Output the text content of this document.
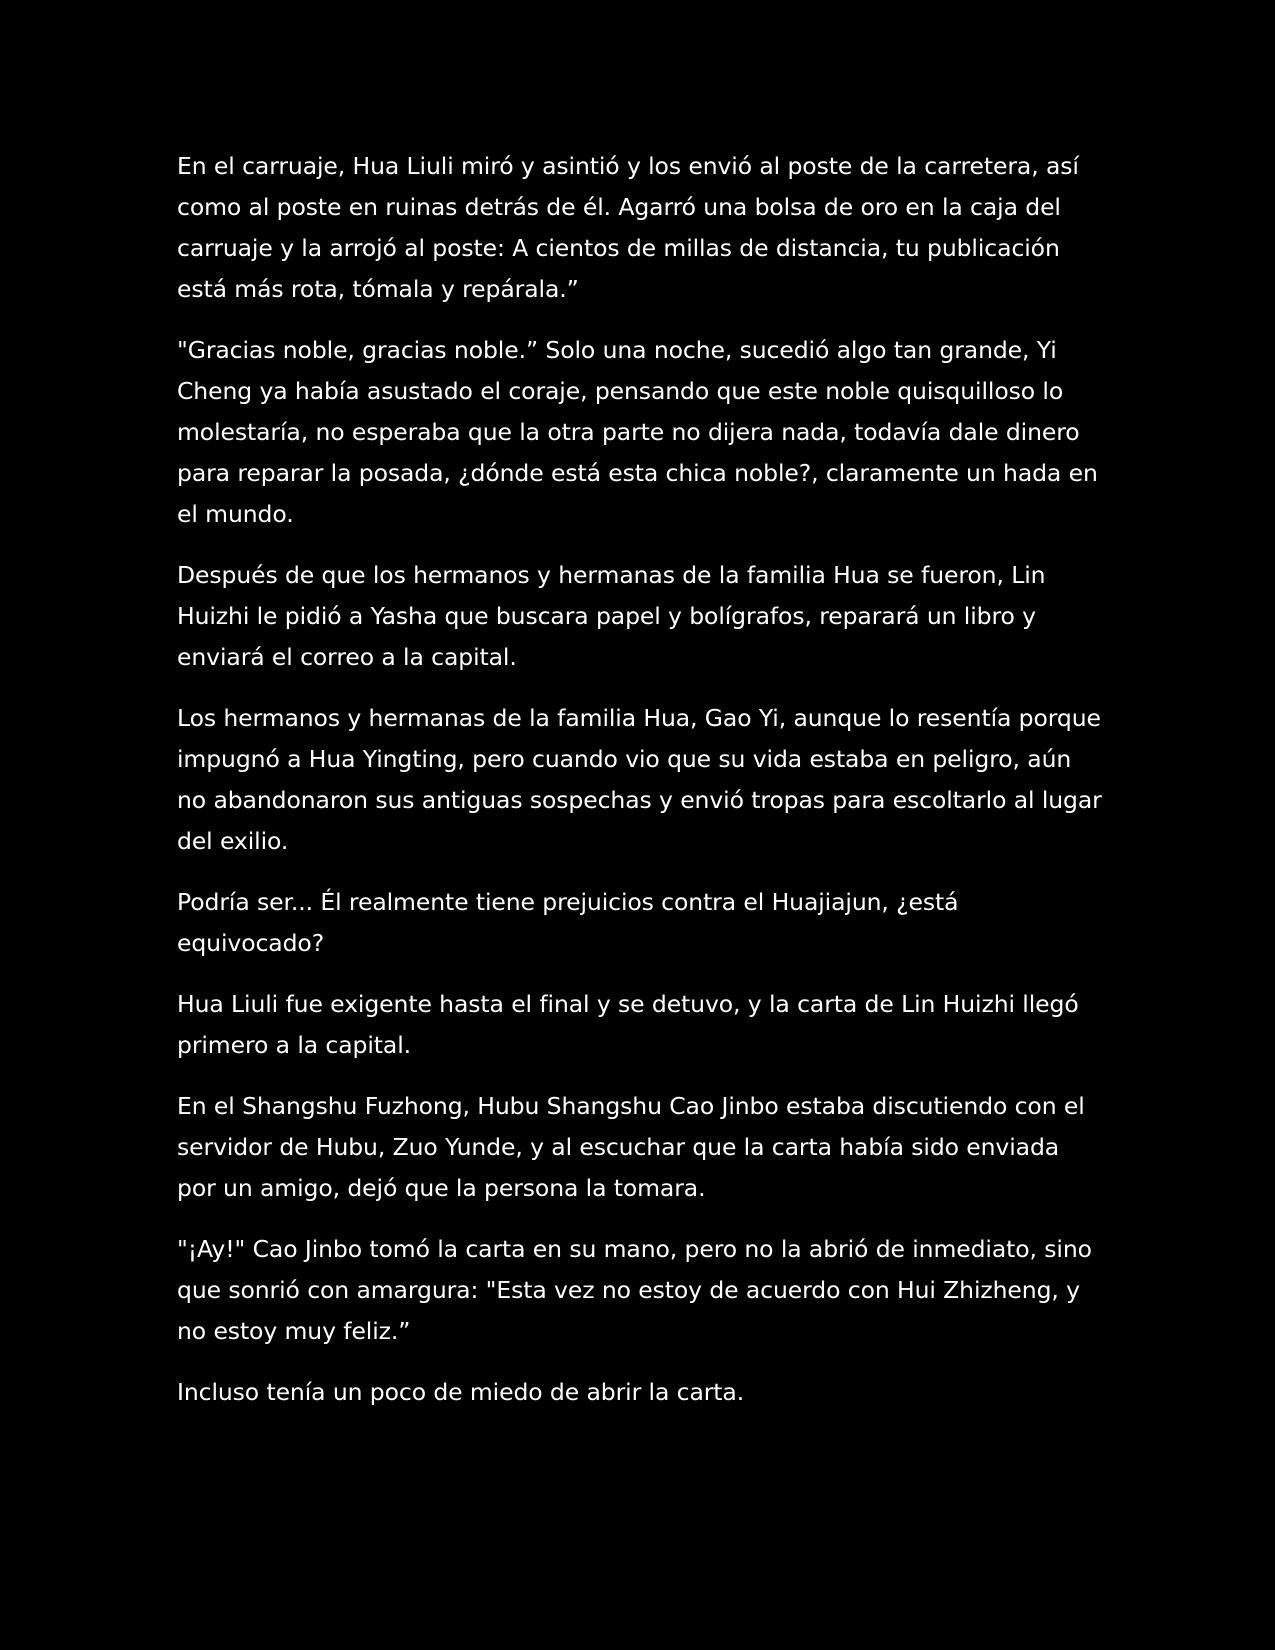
En el carruaje, Hua Liuli miró y asintió y los envió al poste de la carretera, así como al poste en ruinas detrás de él. Agarró una bolsa de oro en la caja del carruaje y la arrojó al poste: A cientos de millas de distancia, tu publicación está más rota, tómala y repárala.”

"Gracias noble, gracias noble.” Solo una noche, sucedió algo tan grande, Yi Cheng ya había asustado el coraje, pensando que este noble quisquilloso lo molestaría, no esperaba que la otra parte no dijera nada, todavía dale dinero para reparar la posada, ¿dónde está esta chica noble?, claramente un hada en el mundo.

Después de que los hermanos y hermanas de la familia Hua se fueron, Lin Huizhi le pidió a Yasha que buscara papel y bolígrafos, reparará un libro y enviará el correo a la capital.

Los hermanos y hermanas de la familia Hua, Gao Yi, aunque lo resentía porque impugnó a Hua Yingting, pero cuando vio que su vida estaba en peligro, aún no abandonaron sus antiguas sospechas y envió tropas para escoltarlo al lugar del exilio.

Podría ser... Él realmente tiene prejuicios contra el Huajiajun, ¿está equivocado?

Hua Liuli fue exigente hasta el final y se detuvo, y la carta de Lin Huizhi llegó primero a la capital.

En el Shangshu Fuzhong, Hubu Shangshu Cao Jinbo estaba discutiendo con el servidor de Hubu, Zuo Yunde, y al escuchar que la carta había sido enviada por un amigo, dejó que la persona la tomara.

"¡Ay!" Cao Jinbo tomó la carta en su mano, pero no la abrió de inmediato, sino que sonrió con amargura: "Esta vez no estoy de acuerdo con Hui Zhizheng, y no estoy muy feliz.”

Incluso tenía un poco de miedo de abrir la carta.
